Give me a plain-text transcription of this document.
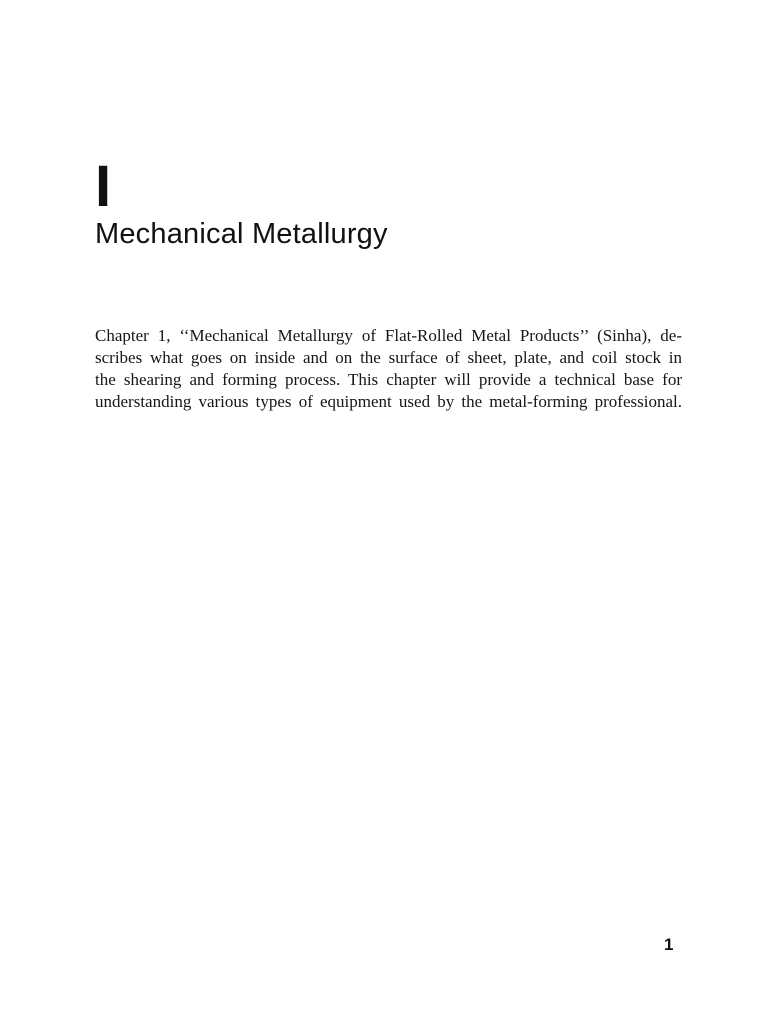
I
Mechanical Metallurgy

Chapter 1, ‘‘Mechanical Metallurgy of Flat-Rolled Metal Products’’ (Sinha), de-
scribes what goes on inside and on the surface of sheet, plate, and coil stock in
the shearing and forming process. This chapter will provide a technical base for
understanding various types of equipment used by the metal-forming professional.

1
